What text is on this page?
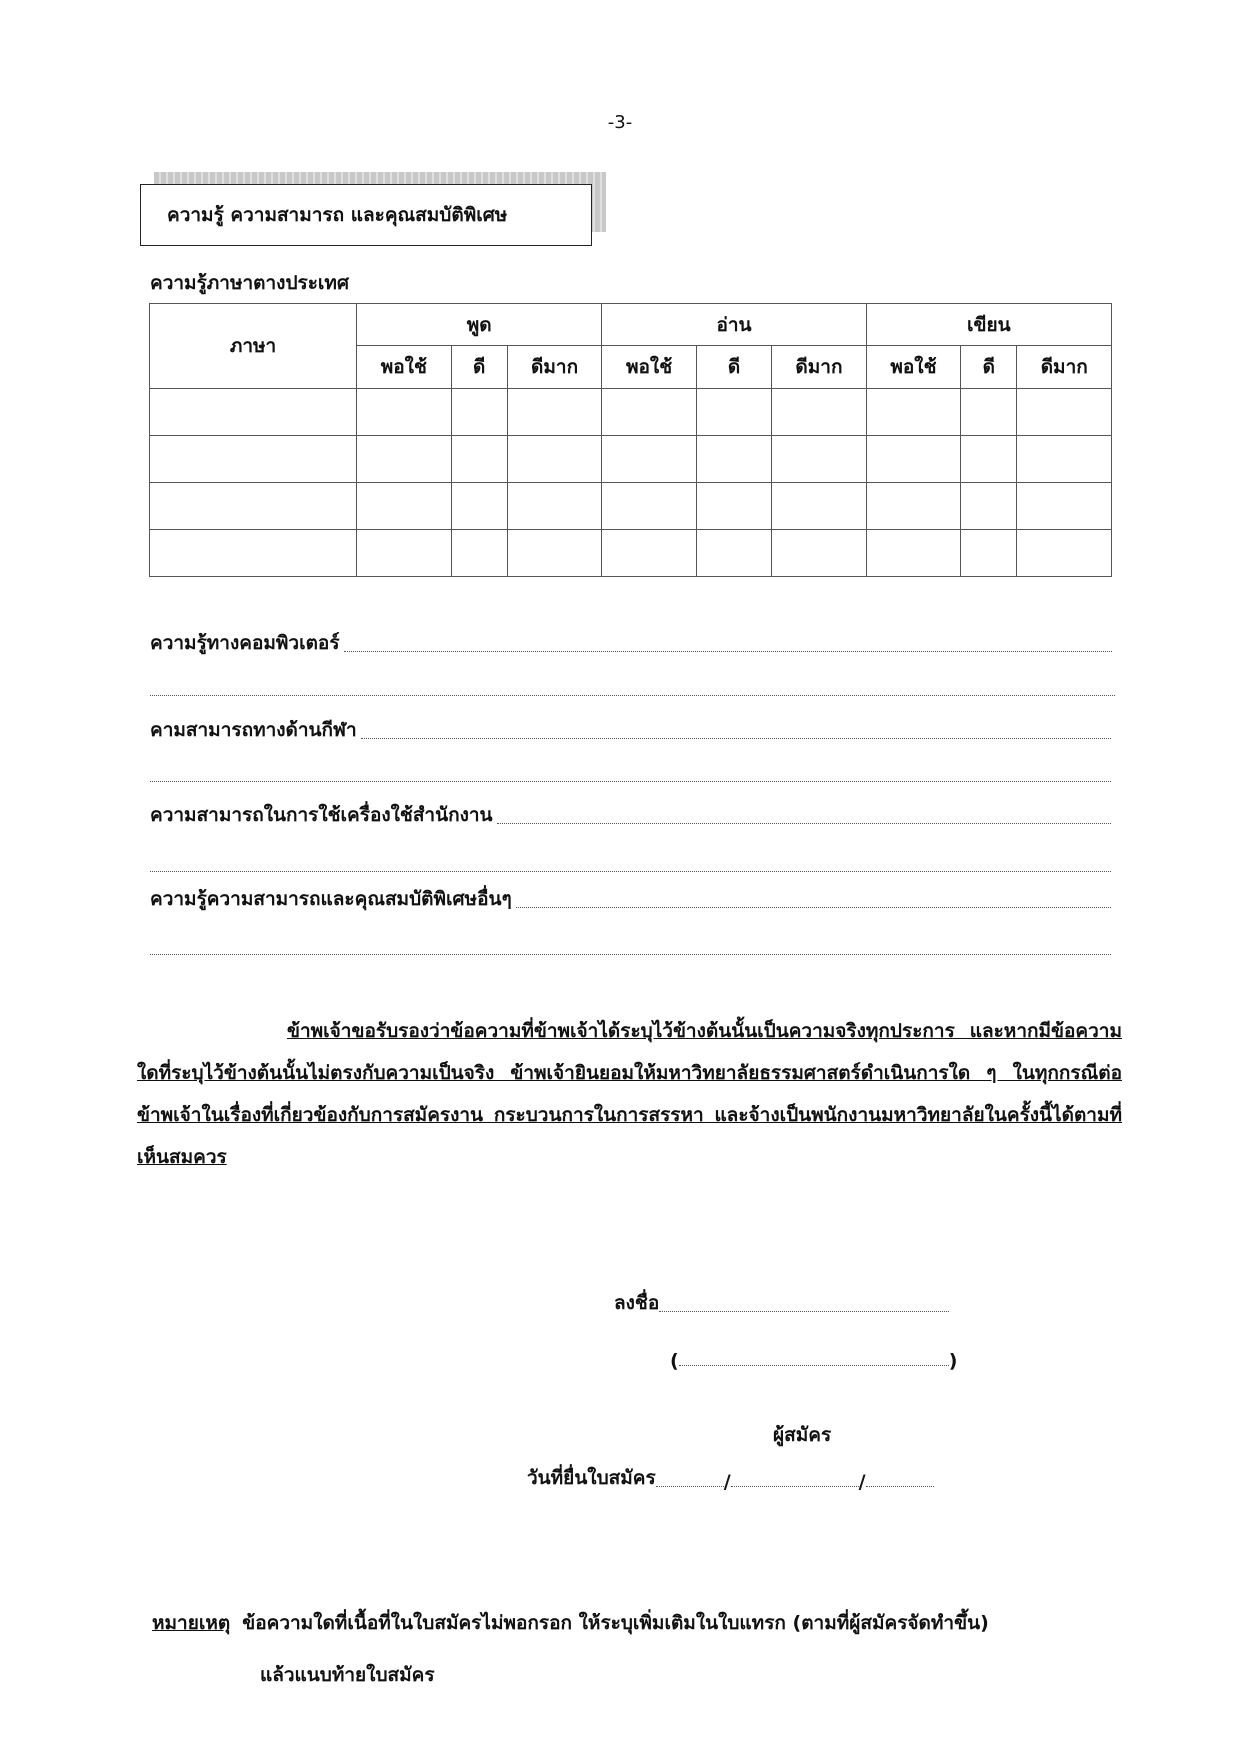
-3-
ความรู้ ความสามารถ และคุณสมบัติพิเศษ
ความรู้ภาษาตางประเทศ
ภาษา	พูด			อ่าน			เขียน		
	พอใช้	ดี	ดีมาก	พอใช้	ดี	ดีมาก	พอใช้	ดี	ดีมาก

ความรู้ทางคอมพิวเตอร์
คามสามารถทางด้านกีฬา
ความสามารถในการใช้เครื่องใช้สำนักงาน
ความรู้ความสามารถและคุณสมบัติพิเศษอื่นๆ
ข้าพเจ้าขอรับรองว่าข้อความที่ข้าพเจ้าได้ระบุไว้ข้างต้นนั้นเป็นความจริงทุกประการ และหากมีข้อความใดที่ระบุไว้ข้างต้นนั้นไม่ตรงกับความเป็นจริง ข้าพเจ้ายินยอมให้มหาวิทยาลัยธรรมศาสตร์ดำเนินการใด ๆ ในทุกกรณีต่อข้าพเจ้าในเรื่องที่เกี่ยวข้องกับการสมัครงาน กระบวนการในการสรรหา และจ้างเป็นพนักงานมหาวิทยาลัยในครั้งนี้ได้ตามที่เห็นสมควร
ลงชื่อ
(	)
ผู้สมัคร
วันที่ยื่นใบสมัคร	/	/
หมายเหตุ ข้อความใดที่เนื้อที่ในใบสมัครไม่พอกรอก ให้ระบุเพิ่มเติมในใบแทรก (ตามที่ผู้สมัครจัดทำขึ้น)
แล้วแนบท้ายใบสมัคร
